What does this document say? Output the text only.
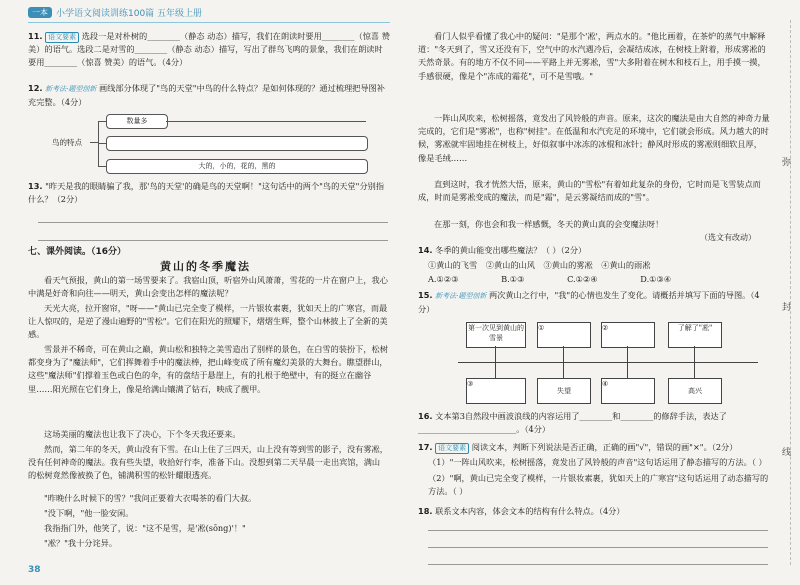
一本 小学语文阅读训练100篇 五年级上册
11. 语文要素 选段一是对朴树的________（静态 动态）描写，我们在朗读时要用________（惊喜 赞美）的语气。选段二是对雪的________（静态 动态）描写，写出了群鸟飞鸣的景象，我们在朗读时要用________（惊喜 赞美）的语气。（4分）
12. 新考法·题型创新 画线部分体现了"鸟的天堂"中鸟的什么特点？是如何体现的？通过梳理把导图补充完整。（4分）
鸟的特点
数量多
大的，小的，花的，黑的
13. "昨天是我的眼睛骗了我，那'鸟的天堂'的确是鸟的天堂啊！"这句话中的两个"鸟的天堂"分别指什么？（2分）
七、课外阅读。（16分）
黄山的冬季魔法
看天气预报，黄山的第一场雪要来了。我宿山顶，听宿外山风萧萧，雪花的一片在窗户上，我心中满是好奇和向往——明天，黄山会变出怎样的魔法呢？
天光大亮，拉开窗帘，"呀——"黄山已完全变了模样，一片银妆素裹，犹如天上的广寒宫，而最让人惊叹的，是逆了漫山遍野的"雪松"。它们在阳光的照耀下，熠熠生辉，整个山林披上了全新的美感。
雪景并不稀奇，可在黄山之巅，黄山松和独特之美雪造出了别样的景色，在白雪的装扮下，松树都变身为了"魔法师"，它们挥舞着手中的魔法棒，把山峰变成了所有魔幻美景的大舞台。瞧望群山，这些"魔法师"们撑着玉色或白色的伞，有的盘结于悬崖上，有的扎根于绝壁中，有的挺立在幽谷里……阳光照在它们身上，像是给满山镶满了钻石，映成了靓甲。
这场美丽的魔法也让我下了决心，下个冬天我还要来。
然而，第二年的冬天，黄山没有下雪。在山上住了三四天，山上没有等到雪的影子，没有雾凇，没有任何神奇的魔法。我有些失望，收拾好行李，准备下山。没想到第二天早晨一走出宾馆，满山的松树竟然像被换了色，铺满积雪的松针耀眼透亮。
"昨晚什么时候下的雪？"我问正要着大衣喝茶的看门大叔。
"没下啊，"他一脸安闲。
我指指门外，他笑了，说："这不是雪，是'凇(sōng)'！"
"凇？"我十分诧异。
38
看门人似乎看懂了我心中的疑问："是那个'凇'，两点水的。"他比画着，在茶炉的蒸气中解释道："冬天到了，雪又还没有下，空气中的水汽遇冷后，会凝结成冰，在树枝上附着，形成雾凇的天然奇景。有的地方不仅不同——平路上并无雾凇，雪"大多附着在树木和枝石上，用手摸一摸，手感很硬，像是个"冻成的霜花"，可不是雪哦。"
一阵山风吹来，松树摇落，竟发出了风铃般的声音。原来，这次的魔法是由大自然的神奇力量完成的，它们是"雾凇"，也称"树挂"。在低温和水汽充足的环境中，它们就会形成。风力越大的时候，雾凇就牢固地挂在树枝上，好似叙事中冰冻的冰棍和冰针；静风时形成的雾凇则细软且厚，像是毛绒……
直到这时，我才恍然大悟，原来，黄山的"雪松"有着如此复杂的身份，它时而是飞雪装点而成，时而是雾凇变成的魔法，而是"霜"，是云雾凝结而成的"雪"。
在那一刻，你也会和我一样感慨，冬天的黄山真的会变魔法呀！
（选文有改动）
14. 冬季的黄山能变出哪些魔法？（ ）（2分）
①黄山的飞雪 ②黄山的山风 ③黄山的雾凇 ④黄山的雨凇
A.①②③	B.①③	C.①②④	D.①③④
15. 新考法·题型创新 两次黄山之行中，"我"的心情也发生了变化。请概括并填写下面的导图。（4分）
第一次见到黄山的雪景
①	②	了解了"凇"
③
失望
④
高兴
16. 文本第3自然段中画波浪线的内容运用了________和________的修辞手法，表达了________________________。（4分）
17. 语文要素 阅读文本，判断下列说法是否正确，正确的画"√"，错误的画"×"。（2分）
（1）"一阵山风吹来，松树摇落，竟发出了风铃般的声音"这句话运用了静态描写的方法。（ ）
（2）"啊，黄山已完全变了模样，一片银妆素裹，犹如天上的广寒宫"这句话运用了动态描写的方法。（ ）
18. 联系文本内容，体会文本的结构有什么特点。（4分）
弥
封
线
